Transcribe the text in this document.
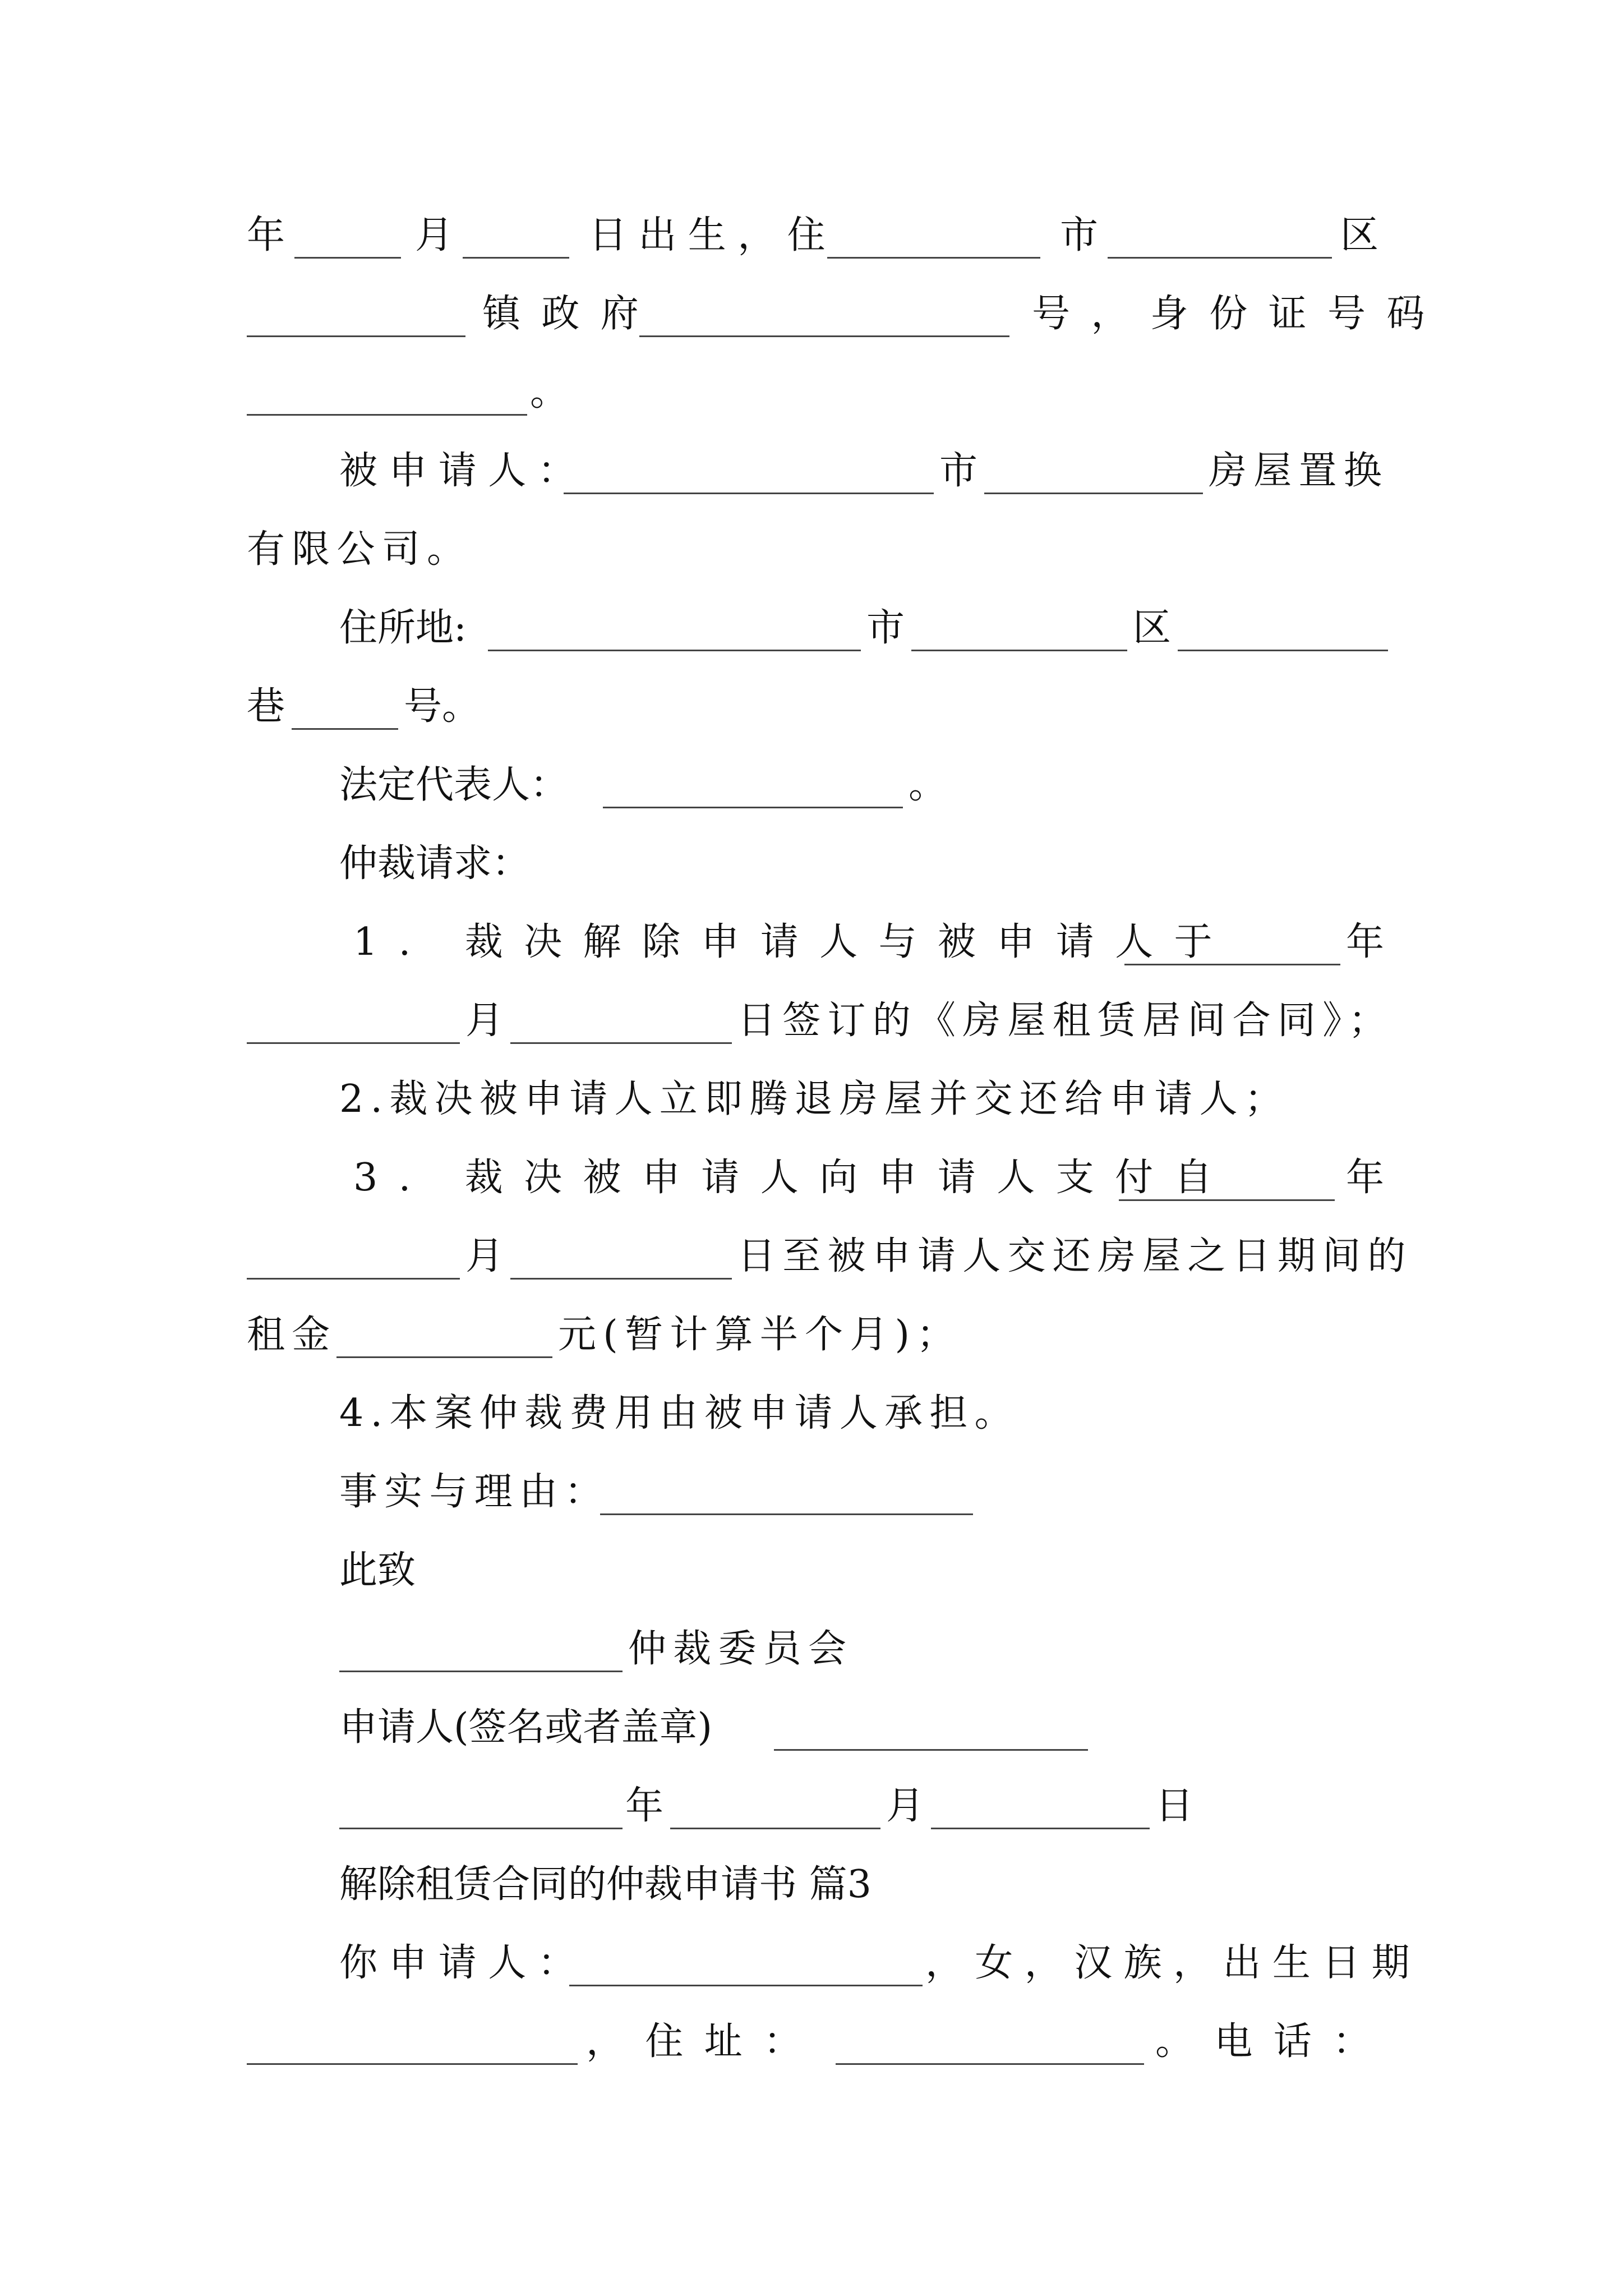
年	月	日出生，住	市	区
镇政府	号，身份证号码
。
被申请人：	市	房屋置换
有限公司。
住所地:	市	区
巷	号。
法定代表人：	。
仲裁请求：
1. 裁决解除申请人与被申请人于	年
月	日签订的《房屋租赁居间合同》；
2.裁决被申请人立即腾退房屋并交还给申请人；
3. 裁决被申请人向申请人支付自	年
月	日至被申请人交还房屋之日期间的
租金	元(暂计算半个月)；
4.本案仲裁费用由被申请人承担。
事实与理由：
此致
仲裁委员会
申请人(签名或者盖章)
年	月	日
解除租赁合同的仲裁申请书 篇3
你申请人：	，女，汉族，出生日期
，住址：	。电话：
